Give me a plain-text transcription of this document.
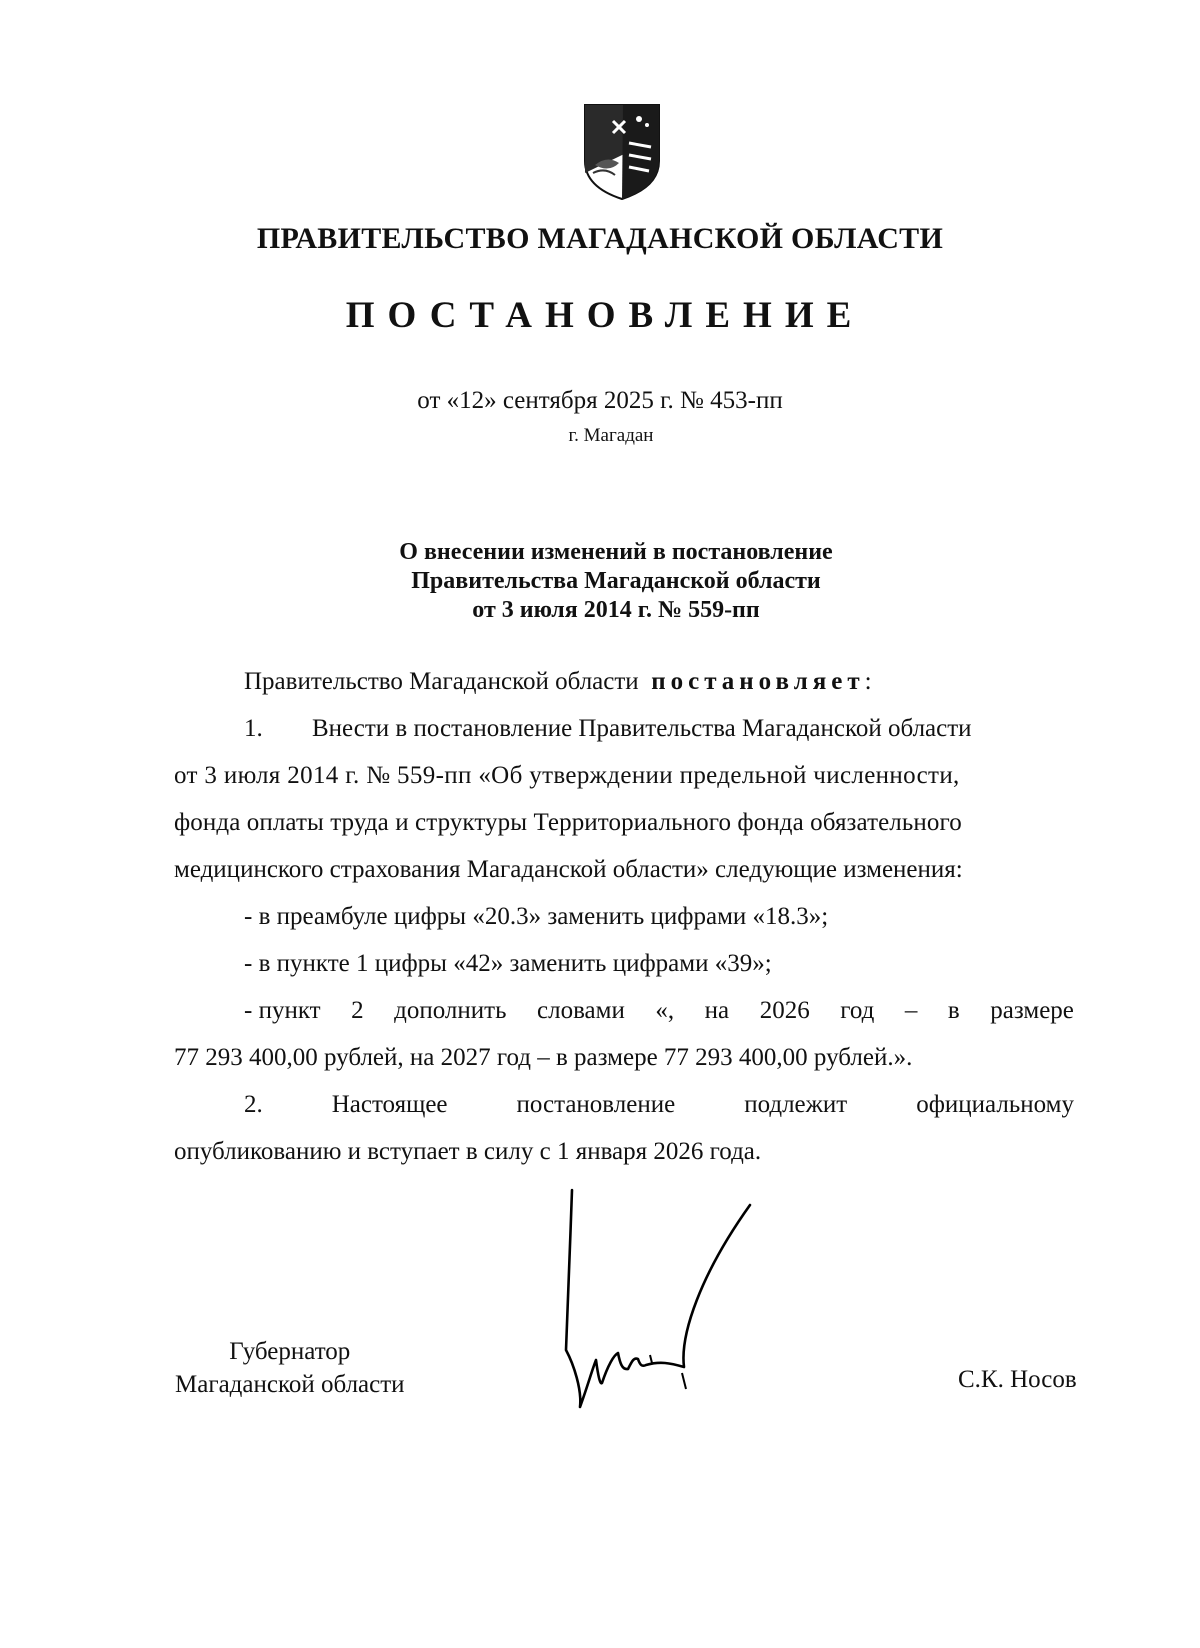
ПРАВИТЕЛЬСТВО МАГАДАНСКОЙ ОБЛАСТИ
ПОСТАНОВЛЕНИЕ
от «12» сентября 2025 г. № 453-пп
г. Магадан
О внесении изменений в постановление
Правительства Магаданской области
от 3 июля 2014 г. № 559-пп
Правительство Магаданской области постановляет:
1. Внести в постановление Правительства Магаданской области
от 3 июля 2014 г. № 559-пп «Об утверждении предельной численности,
фонда оплаты труда и структуры Территориального фонда обязательного
медицинского страхования Магаданской области» следующие изменения:
- в преамбуле цифры «20.3» заменить цифрами «18.3»;
- в пункте 1 цифры «42» заменить цифрами «39»;
- пункт 2 дополнить словами «, на 2026 год – в размере
77 293 400,00 рублей, на 2027 год – в размере 77 293 400,00 рублей.».
2.	Настоящее	постановление	подлежит	официальному
опубликованию и вступает в силу с 1 января 2026 года.
Губернатор
Магаданской области	С.К. Носов
